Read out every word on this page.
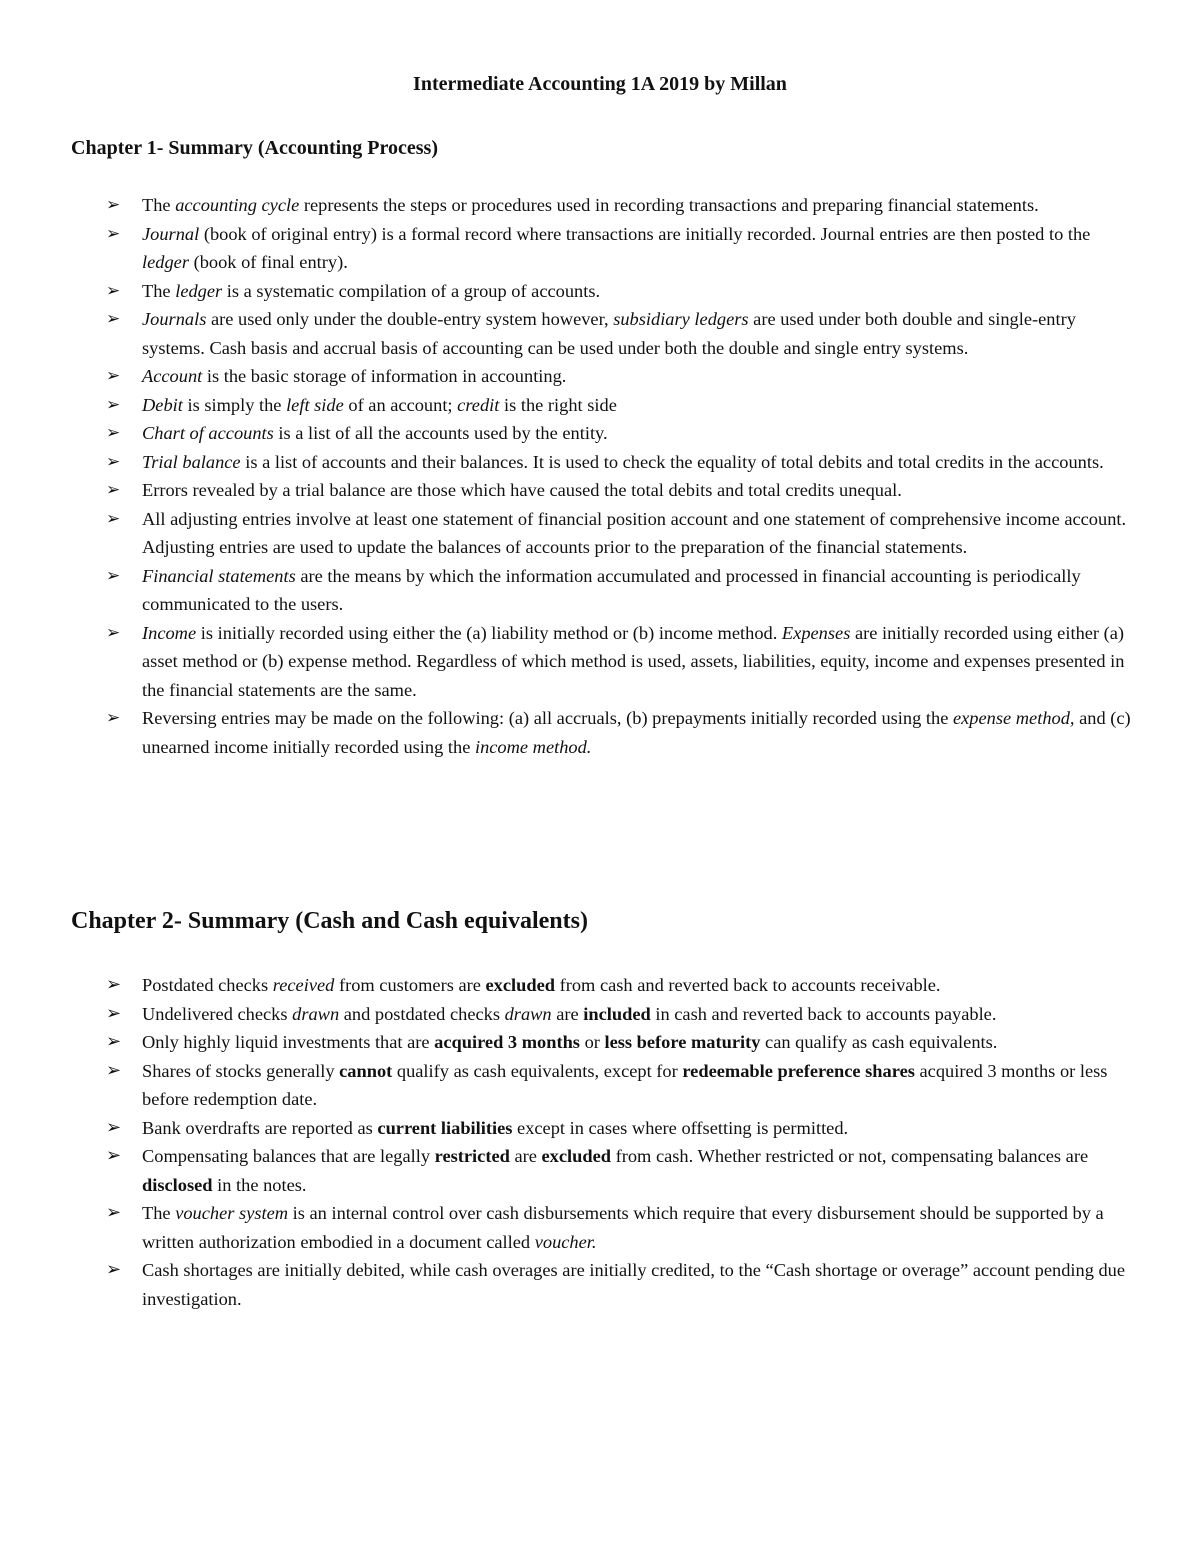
Intermediate Accounting 1A 2019 by Millan
Chapter 1- Summary (Accounting Process)
➢ The accounting cycle represents the steps or procedures used in recording transactions and preparing financial statements.
➢ Journal (book of original entry) is a formal record where transactions are initially recorded. Journal entries are then posted to the ledger (book of final entry).
➢ The ledger is a systematic compilation of a group of accounts.
➢ Journals are used only under the double-entry system however, subsidiary ledgers are used under both double and single-entry systems. Cash basis and accrual basis of accounting can be used under both the double and single entry systems.
➢ Account is the basic storage of information in accounting.
➢ Debit is simply the left side of an account; credit is the right side
➢ Chart of accounts is a list of all the accounts used by the entity.
➢ Trial balance is a list of accounts and their balances. It is used to check the equality of total debits and total credits in the accounts.
➢ Errors revealed by a trial balance are those which have caused the total debits and total credits unequal.
➢ All adjusting entries involve at least one statement of financial position account and one statement of comprehensive income account. Adjusting entries are used to update the balances of accounts prior to the preparation of the financial statements.
➢ Financial statements are the means by which the information accumulated and processed in financial accounting is periodically communicated to the users.
➢ Income is initially recorded using either the (a) liability method or (b) income method. Expenses are initially recorded using either (a) asset method or (b) expense method. Regardless of which method is used, assets, liabilities, equity, income and expenses presented in the financial statements are the same.
➢ Reversing entries may be made on the following: (a) all accruals, (b) prepayments initially recorded using the expense method, and (c) unearned income initially recorded using the income method.
Chapter 2- Summary (Cash and Cash equivalents)
➢ Postdated checks received from customers are excluded from cash and reverted back to accounts receivable.
➢ Undelivered checks drawn and postdated checks drawn are included in cash and reverted back to accounts payable.
➢ Only highly liquid investments that are acquired 3 months or less before maturity can qualify as cash equivalents.
➢ Shares of stocks generally cannot qualify as cash equivalents, except for redeemable preference shares acquired 3 months or less before redemption date.
➢ Bank overdrafts are reported as current liabilities except in cases where offsetting is permitted.
➢ Compensating balances that are legally restricted are excluded from cash. Whether restricted or not, compensating balances are disclosed in the notes.
➢ The voucher system is an internal control over cash disbursements which require that every disbursement should be supported by a written authorization embodied in a document called voucher.
➢ Cash shortages are initially debited, while cash overages are initially credited, to the “Cash shortage or overage” account pending due investigation.
